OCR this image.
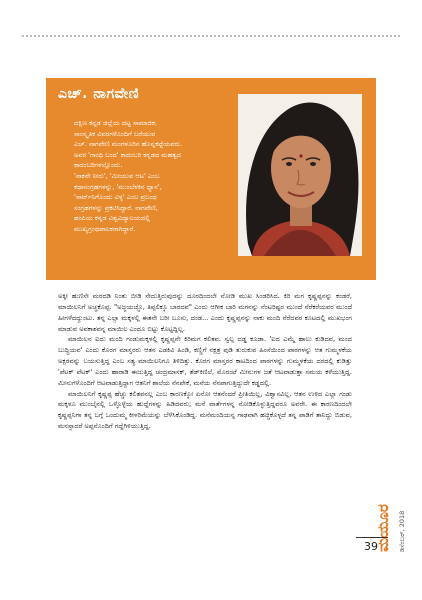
ಎಚ್. ನಾಗವೇಣಿ

ದಕ್ಷಿಣ ಕನ್ನಡ ಜಿಲ್ಲೆಯ ದಟ್ಟ ಸಾಮಾಜಿಕ,
ಸಾಂಸ್ಕೃತಿಕ ವಿವರಗಳೊಂದಿಗೆ ಬರೆಯುವ
ಎಚ್. ನಾಗವೇಣಿ ಮಂಗಳೂರಿನ ಹೊನ್ನಕಟ್ಟೆಯವರು.
ಅವರ 'ಗಾಂಧಿ ಬಂದ' ಕಾದಂಬರಿ ಕನ್ನಡದ ಮಹತ್ವದ
ಕಾದಂಬರಿಗಳಲ್ಲೊಂದು.
'ನಾಕನೇ ನೀರು', 'ಮೀಯುವ ಆಟ' ಎಂಬ
ಕಥಾಸಂಗ್ರಹಗಳನ್ನು, 'ಮುಂಬೆಳಕಿನ ಧ್ಯಾನ',
'ಸಾರ್ಟ್‌ನಿಗೊಂದು ವಿಳ್ಳ' ಎಂಬ ಪ್ರಬಂಧ
ಸಂಗ್ರಹಗಳನ್ನು ಪ್ರಕಟಿಸಿದ್ದಾರೆ. ನಾಗವೇಣಿ,
ಹಂಪಿಯ ಕನ್ನಡ ವಿಶ್ವವಿದ್ಯಾಲಯದಲ್ಲಿ
ಮುಖ್ಯಗ್ರಂಥಪಾಲಕರಾಗಿದ್ದಾರೆ.

ಅಕ್ಕೀ ಹುಣಿಸೇ ಮರದಡಿ ನಿಂತು ಬೀಡಿ ಸೇದುತ್ತಿರುವುದನ್ನು ದೂರದಿಂದಲೇ ನೋಡಿ ಮುಖ ಸಿಂಡರಿಸಿದ. ಕಿರಿ ಮಗ ಕೃಷ್ಣಪ್ಪನನ್ನು ಕಂಡರೆ, ಮಾಯಿಲನಿಗೆ ಅಚ್ಚಕೊಪ್ಪ. "ಅಜ್ಜಯಜ್ಜೊ, ತಿಪ್ಪಲಿಕ್ಕೂ ಬಾರದವ" ಎಂದು ಆಗೀಕ ಬಾರಿ ಮಗನನ್ನು ನೆಂಟರಿಷ್ಟರ ಮುಂದೆ ನೆರೆಕರೆಯವರ ಮುಂದೆ ಹೀಗಳೆದದ್ದುಂಟು. ತನ್ನ ಎಲ್ಲಾ ಮಕ್ಕಳಲ್ಲಿ ಈತನೇ ಬರೀ ಬೂಸು, ದಂಡ... ಎಂದು ಕೃಷ್ಣಪ್ಪನನ್ನು ನಾಕು ಮಂದಿ ನೆರೆದವರ ಕೂಟದಲ್ಲಿ ಮುಖಭಂಗ ಮಾಡುವ ಅವಕಾಶವನ್ನ ಮಾಯಿಲ ಎಂದೂ ಬಿಟ್ಟು ಕೊಟ್ಟದ್ದಿಲ್ಲ.

ಮಾಯಿಲನ ಐದು ಮಂದಿ ಗಂಡುಮಕ್ಕಳಲ್ಲಿ ಕೃಷ್ಣಪ್ಪನೇ ಕಿರಿಮಗ ಕಲಿತವ. ಸ್ವಲ್ಪ ದಡ್ಡ ಕೂಡಾ. 'ಐದ ಎಮ್ಮೆ ಹಾಲು ಕುಡಿದವ, ಮಂದ ಬುದ್ಧಿಯವ' ಎಂದು ಕೊರಗ ಮಾಸ್ತರರು ಆತನ ಎಡಕಿವಿ ಹಿಂಡಿ, ಕಣ್ಣಿಗೆ ನಕ್ಷತ್ರ ಪುಡಿ ತುರುಕುವ ಹಿಂಸೆಯಿಂದ ಪಾಠಗಳನ್ನು ಆತ ಗುಮ್ಮಳಕೆಯ ಅಕ್ಷರವನ್ನು ಬಯಸುತ್ತಿದ್ದ ಎಂಬ ಸತ್ಯ ಮಾಯಿಲನಿಗೂ ತಿಳಿದಿತ್ತು. ಕೊರಗ ಮಾಸ್ತರರ ಕಾಟದಿಂದ ಪಾಠಗಳನ್ನು ಗುಮ್ಮಳಕೆಯ ದರದಲ್ಲಿ ಕುಡಿತ್ತು 'ಪೆಟಕ್ ಪೆಟಕ್' ಎಂದು ಹಾರಾಡಿ ಈಜುತ್ತಿದ್ದ ಚಂದ್ರಮಾಸಕ್, ತೆಡ್‌ಕಿಣಿಲೆ, ಮೊರಂಟೆ ಮೀನುಗಳ ಜತೆ ಆಟವಾಡುತ್ತಾ ಸಮಯ ಕಳೆಯುತ್ತಿದ್ದ. ಮೀನುಗಳೊಂದಿಗೆ ಆಟವಾಡುತ್ತಿದ್ದಾಗ ಆತನಿಗೆ ಶಾಲೆಯ ನೆನಪೇಕೆ, ಮನೆಯ ನೆನಪಾಗುತ್ತಿದ್ದುದೇ ಕಡ್ಡದಲ್ಲಿ.

ಮಾಯಿಲನಿಗೆ ಕೃಷ್ಣಪ್ಪ ಹೆಚ್ಚು ಕಲಿತವನಲ್ಲ ಎಂಬ ಕಾರಣಕ್ಕೋ ಏನೋ ಆತನೆಂದರೆ ಪ್ರೀತಿಯಿಲ್ಲ, ವಿಶ್ವಾಸವಿಲ್ಲ. ಆತನ ಉಳಿದ ಎಲ್ಲಾ ಗಂಡು ಮಕ್ಕಳೂ ಮುಂಬೈನಲ್ಲಿ ಒಳ್ಳೊಳ್ಳೆಯ ಹುದ್ದೆಗಳನ್ನು ಹಿಡಿದವರು; ಮನೆ ವಾರ್ತೆಗಳನ್ನ ನೋಡಿಕೊಳ್ಳುತ್ತಿದ್ದವರೂ ಅವರೇ. ಈ ಕಾರಣದಿಂದಲೇ ಕೃಷ್ಣಪ್ಪನಿಗಾ ತನ್ನ ಬಗ್ಗೆ ಒಂದುಮ್ಮ ಕೀಳರಿಮೆಯನ್ನು ಬೆಳೆಸಿಕೊಂಡಿದ್ದ. ಮನೆಮಂದಿಯನ್ನ ಗಾಢವಾಗಿ ಹಚ್ಚಿಕೊಳ್ಳದೆ ತನ್ನ ಪಾಡಿಗೆ ತಾನಿದ್ದು ಬಿಡುವ, ಮನಸ್ಸಾದರೆ ಅಪ್ಪನೊಂದಿಗೆ ಗದ್ದೆಗಿಳಿಯುತ್ತಿದ್ದ.

ಮಯೂರ ಡಿಸೆಂಬರ್, 2018

39
